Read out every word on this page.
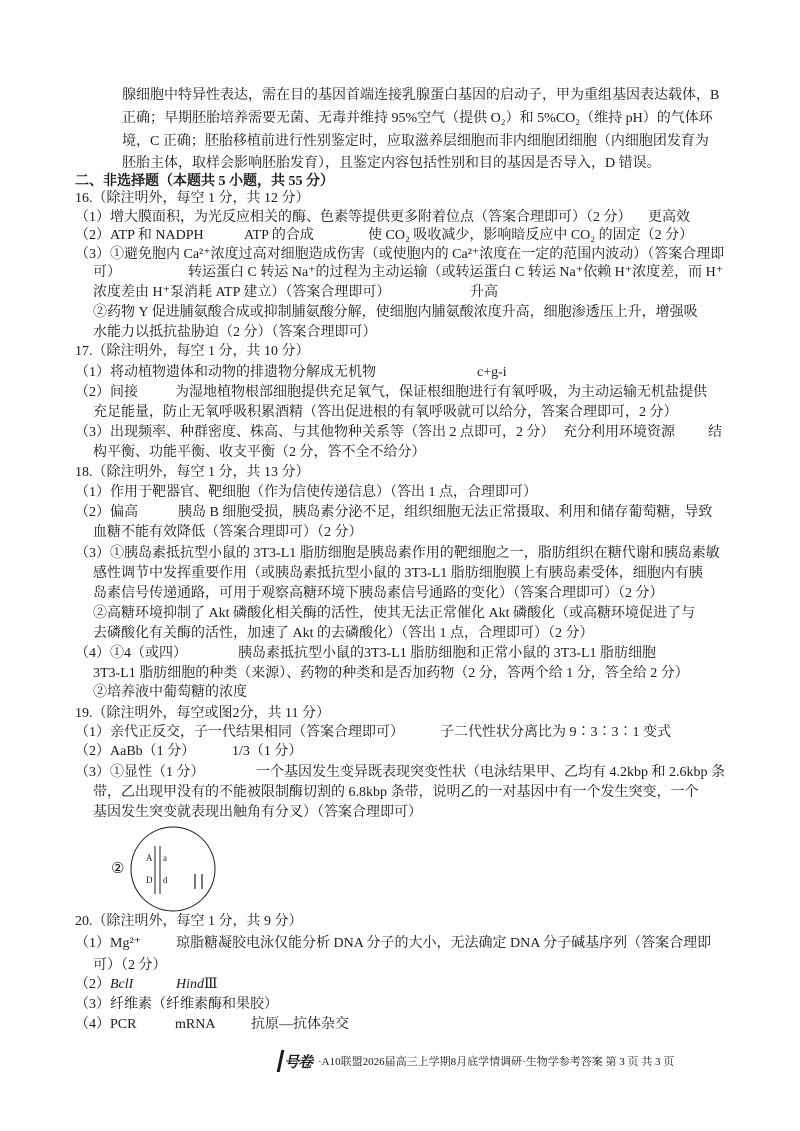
腺细胞中特异性表达，需在目的基因首端连接乳腺蛋白基因的启动子，甲为重组基因表达载体，B
正确；早期胚胎培养需要无菌、无毒并维持 95%空气（提供 O₂）和 5%CO₂（维持 pH）的气体环
境，C 正确；胚胎移植前进行性别鉴定时，应取滋养层细胞而非内细胞团细胞（内细胞团发育为
胚胎主体，取样会影响胚胎发育），且鉴定内容包括性别和目的基因是否导入，D 错误。
二、非选择题（本题共 5 小题，共 55 分）
16.（除注明外，每空 1 分，共 12 分）
（1）增大膜面积，为光反应相关的酶、色素等提供更多附着位点（答案合理即可）（2 分） 更高效
（2）ATP 和 NADPH	ATP 的合成	使 CO₂ 吸收减少，影响暗反应中 CO₂ 的固定（2 分）
（3）①避免胞内 Ca²⁺浓度过高对细胞造成伤害（或使胞内的 Ca²⁺浓度在一定的范围内波动）（答案合理即
可）	转运蛋白 C 转运 Na⁺的过程为主动运输（或转运蛋白 C 转运 Na⁺依赖 H⁺浓度差，而 H⁺
浓度差由 H⁺泵消耗 ATP 建立）（答案合理即可）	升高
②药物 Y 促进脯氨酸合成或抑制脯氨酸分解，使细胞内脯氨酸浓度升高，细胞渗透压上升，增强吸
水能力以抵抗盐胁迫（2 分）（答案合理即可）
17.（除注明外，每空 1 分，共 10 分）
（1）将动植物遗体和动物的排遗物分解成无机物	c+g-i
（2）间接	为湿地植物根部细胞提供充足氧气，保证根细胞进行有氧呼吸，为主动运输无机盐提供
充足能量，防止无氧呼吸积累酒精（答出促进根的有氧呼吸就可以给分，答案合理即可，2 分）
（3）出现频率、种群密度、株高、与其他物种关系等（答出 2 点即可，2 分） 充分利用环境资源 结
构平衡、功能平衡、收支平衡（2 分，答不全不给分）
18.（除注明外，每空 1 分，共 13 分）
（1）作用于靶器官、靶细胞（作为信使传递信息）（答出 1 点，合理即可）
（2）偏高	胰岛 B 细胞受损，胰岛素分泌不足，组织细胞无法正常摄取、利用和储存葡萄糖，导致
血糖不能有效降低（答案合理即可）（2 分）
（3）①胰岛素抵抗型小鼠的 3T3-L1 脂肪细胞是胰岛素作用的靶细胞之一，脂肪组织在糖代谢和胰岛素敏
感性调节中发挥重要作用（或胰岛素抵抗型小鼠的 3T3-L1 脂肪细胞膜上有胰岛素受体，细胞内有胰
岛素信号传递通路，可用于观察高糖环境下胰岛素信号通路的变化）（答案合理即可）（2 分）
②高糖环境抑制了 Akt 磷酸化相关酶的活性，使其无法正常催化 Akt 磷酸化（或高糖环境促进了与
去磷酸化有关酶的活性，加速了 Akt 的去磷酸化）（答出 1 点，合理即可）（2 分）
（4）①4（或四）	胰岛素抵抗型小鼠的3T3-L1 脂肪细胞和正常小鼠的 3T3-L1 脂肪细胞
3T3-L1 脂肪细胞的种类（来源）、药物的种类和是否加药物（2 分，答两个给 1 分，答全给 2 分）
②培养液中葡萄糖的浓度
19.（除注明外，每空或图2分，共 11 分）
（1）亲代正反交，子一代结果相同（答案合理即可）	子二代性状分离比为 9∶3∶3∶1 变式
（2）AaBb（1 分）	1/3（1 分）
（3）①显性（1 分）	一个基因发生变异既表现突变性状（电泳结果甲、乙均有 4.2kbp 和 2.6kbp 条
带，乙出现甲没有的不能被限制酶切割的 6.8kbp 条带，说明乙的一对基因中有一个发生突变，一个
基因发生突变就表现出触角有分叉）（答案合理即可）
②
A a
D d
20.（除注明外，每空 1 分，共 9 分）
（1）Mg²⁺ 琼脂糖凝胶电泳仅能分析 DNA 分子的大小，无法确定 DNA 分子碱基序列（答案合理即
可）（2 分）
（2）BclI	HindⅢ
（3）纤维素（纤维素酶和果胶）
（4）PCR	mRNA	抗原—抗体杂交
号卷 ·A10联盟2026届高三上学期8月底学情调研·生物学参考答案 第 3 页 共 3 页
